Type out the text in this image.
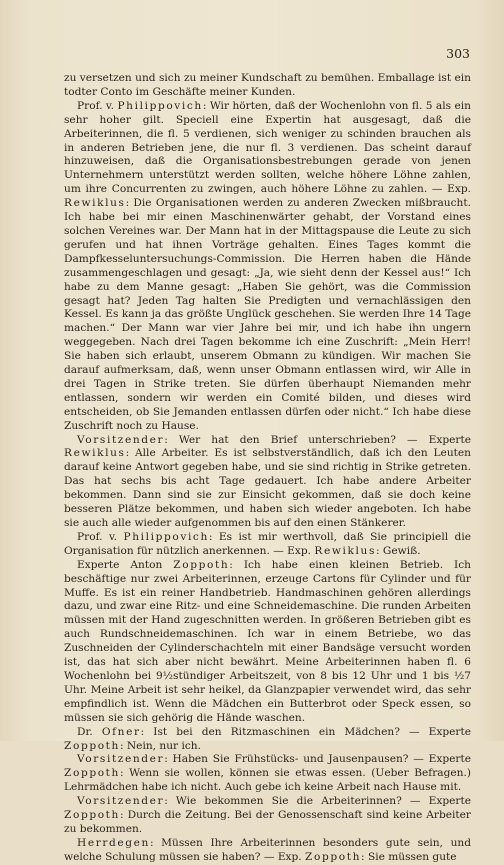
303

zu versetzen und sich zu meiner Kundschaft zu bemühen. Emballage ist ein todter Conto im Geschäfte meiner Kunden.

Prof. v. Philippovich: Wir hörten, daß der Wochenlohn von fl. 5 als ein sehr hoher gilt. Speciell eine Expertin hat ausgesagt, daß die Arbeiterinnen, die fl. 5 verdienen, sich weniger zu schinden brauchen als in anderen Betrieben jene, die nur fl. 3 verdienen. Das scheint darauf hinzuweisen, daß die Organisationsbestrebungen gerade von jenen Unternehmern unterstützt werden sollten, welche höhere Löhne zahlen, um ihre Concurrenten zu zwingen, auch höhere Löhne zu zahlen. — Exp. Rewiklus: Die Organisationen werden zu anderen Zwecken mißbraucht. Ich habe bei mir einen Maschinenwärter gehabt, der Vorstand eines solchen Vereines war. Der Mann hat in der Mittagspause die Leute zu sich gerufen und hat ihnen Vorträge gehalten. Eines Tages kommt die Dampfkesseluntersuchungs-Commission. Die Herren haben die Hände zusammengeschlagen und gesagt: „Ja, wie sieht denn der Kessel aus!“ Ich habe zu dem Manne gesagt: „Haben Sie gehört, was die Commission gesagt hat? Jeden Tag halten Sie Predigten und vernachlässigen den Kessel. Es kann ja das größte Unglück geschehen. Sie werden Ihre 14 Tage machen.“ Der Mann war vier Jahre bei mir, und ich habe ihn ungern weggegeben. Nach drei Tagen bekomme ich eine Zuschrift: „Mein Herr! Sie haben sich erlaubt, unserem Obmann zu kündigen. Wir machen Sie darauf aufmerksam, daß, wenn unser Obmann entlassen wird, wir Alle in drei Tagen in Strike treten. Sie dürfen überhaupt Niemanden mehr entlassen, sondern wir werden ein Comité bilden, und dieses wird entscheiden, ob Sie Jemanden entlassen dürfen oder nicht.“ Ich habe diese Zuschrift noch zu Hause.

Vorsitzender: Wer hat den Brief unterschrieben? — Experte Rewiklus: Alle Arbeiter. Es ist selbstverständlich, daß ich den Leuten darauf keine Antwort gegeben habe, und sie sind richtig in Strike getreten. Das hat sechs bis acht Tage gedauert. Ich habe andere Arbeiter bekommen. Dann sind sie zur Einsicht gekommen, daß sie doch keine besseren Plätze bekommen, und haben sich wieder angeboten. Ich habe sie auch alle wieder aufgenommen bis auf den einen Stänkerer.

Prof. v. Philippovich: Es ist mir werthvoll, daß Sie principiell die Organisation für nützlich anerkennen. — Exp. Rewiklus: Gewiß.

Experte Anton Zoppoth: Ich habe einen kleinen Betrieb. Ich beschäftige nur zwei Arbeiterinnen, erzeuge Cartons für Cylinder und für Muffe. Es ist ein reiner Handbetrieb. Handmaschinen gehören allerdings dazu, und zwar eine Ritz- und eine Schneidemaschine. Die runden Arbeiten müssen mit der Hand zugeschnitten werden. In größeren Betrieben gibt es auch Rundschneidemaschinen. Ich war in einem Betriebe, wo das Zuschneiden der Cylinderschachteln mit einer Bandsäge versucht worden ist, das hat sich aber nicht bewährt. Meine Arbeiterinnen haben fl. 6 Wochenlohn bei 9½stündiger Arbeitszeit, von 8 bis 12 Uhr und 1 bis ½7 Uhr. Meine Arbeit ist sehr heikel, da Glanzpapier verwendet wird, das sehr empfindlich ist. Wenn die Mädchen ein Butterbrot oder Speck essen, so müssen sie sich gehörig die Hände waschen.

Dr. Ofner: Ist bei den Ritzmaschinen ein Mädchen? — Experte Zoppoth: Nein, nur ich.

Vorsitzender: Haben Sie Frühstücks- und Jausenpausen? — Experte Zoppoth: Wenn sie wollen, können sie etwas essen. (Ueber Befragen.) Lehrmädchen habe ich nicht. Auch gebe ich keine Arbeit nach Hause mit.

Vorsitzender: Wie bekommen Sie die Arbeiterinnen? — Experte Zoppoth: Durch die Zeitung. Bei der Genossenschaft sind keine Arbeiter zu bekommen.

Herrdegen: Müssen Ihre Arbeiterinnen besonders gute sein, und welche Schulung müssen sie haben? — Exp. Zoppoth: Sie müssen gute
